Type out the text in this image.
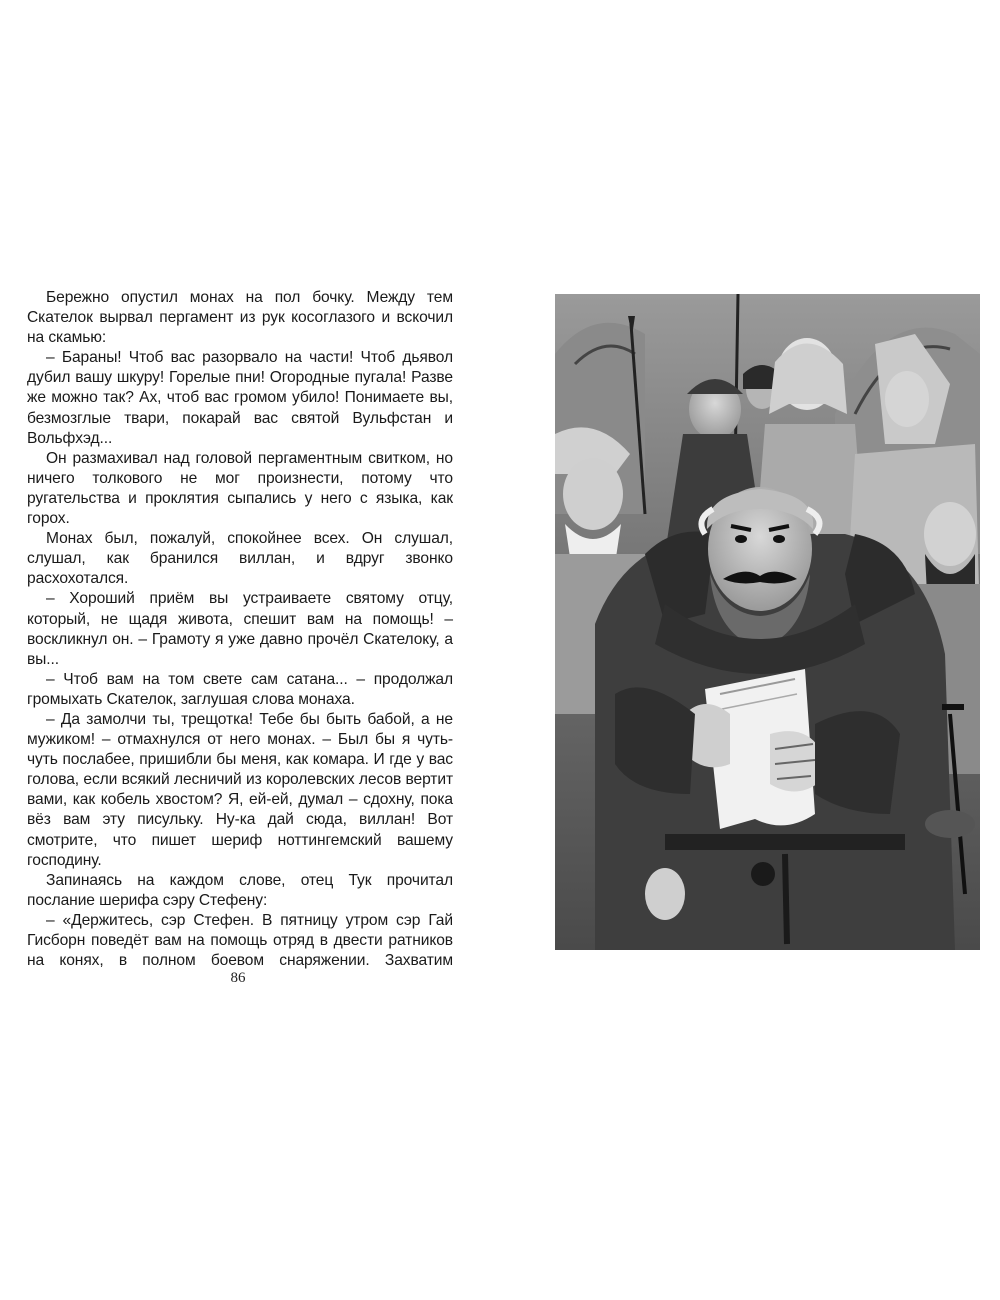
Бережно опустил монах на пол бочку. Между тем Скателок вырвал пергамент из рук косоглазого и вскочил на скамью:

– Бараны! Чтоб вас разорвало на части! Чтоб дьявол дубил вашу шкуру! Горелые пни! Огородные пугала! Разве же можно так? Ах, чтоб вас громом убило! Понимаете вы, безмозглые твари, покарай вас святой Вульфстан и Вольфхэд...

Он размахивал над головой пергаментным свитком, но ничего толкового не мог произнести, потому что ругательства и проклятия сыпались у него с языка, как горох.

Монах был, пожалуй, спокойнее всех. Он слушал, слушал, как бранился виллан, и вдруг звонко расхохотался.

– Хороший приём вы устраиваете святому отцу, который, не щадя живота, спешит вам на помощь! – воскликнул он. – Грамоту я уже давно прочёл Скателоку, а вы...

– Чтоб вам на том свете сам сатана... – продолжал громыхать Скателок, заглушая слова монаха.

– Да замолчи ты, трещотка! Тебе бы быть бабой, а не мужиком! – отмахнулся от него монах. – Был бы я чуть-чуть послабее, пришибли бы меня, как комара. И где у вас голова, если всякий лесничий из королевских лесов вертит вами, как кобель хвостом? Я, ей-ей, думал – сдохну, пока вёз вам эту писульку. Ну-ка дай сюда, виллан! Вот смотрите, что пишет шериф ноттингемский вашему господину.

Запинаясь на каждом слове, отец Тук прочитал послание шерифа сэру Стефену:

– «Держитесь, сэр Стефен. В пятницу утром сэр Гай Гисборн поведёт вам на помощь отряд в двести ратников на конях, в полном боевом снаряжении. Захватим

86
